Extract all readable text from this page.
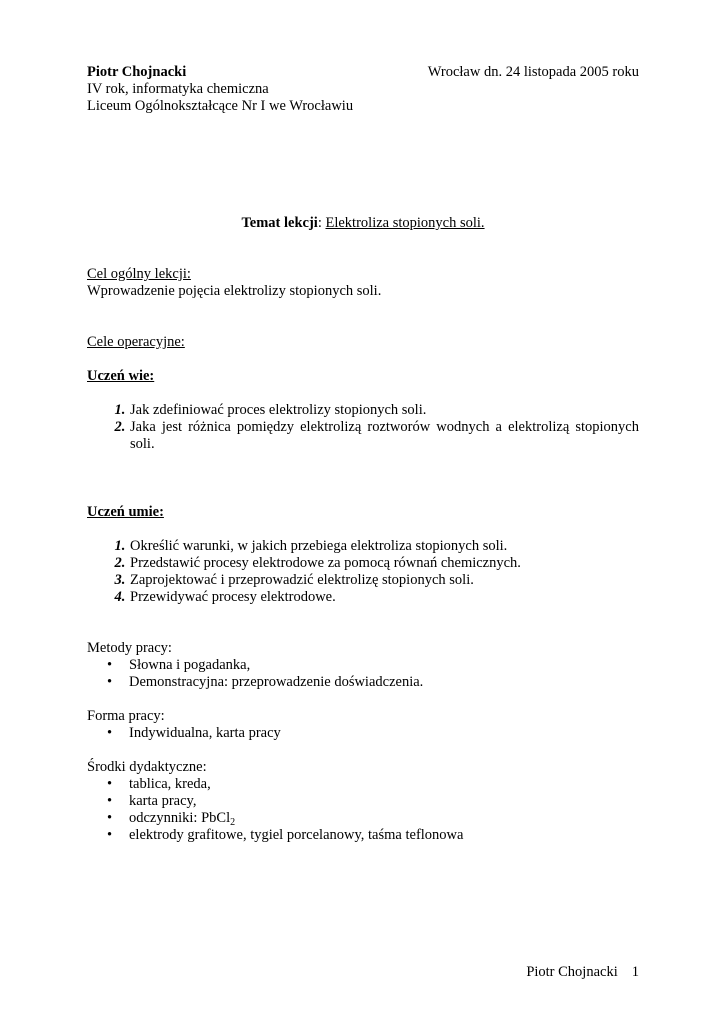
Piotr Chojnacki	Wrocław dn. 24 listopada 2005 roku
IV rok, informatyka chemiczna
Liceum Ogólnokształcące Nr I we Wrocławiu
Temat lekcji: Elektroliza stopionych soli.
Cel ogólny lekcji:
Wprowadzenie pojęcia elektrolizy stopionych soli.
Cele operacyjne:
Uczeń wie:
1. Jak zdefiniować proces elektrolizy stopionych soli.
2. Jaka jest różnica pomiędzy elektrolizą roztworów wodnych a elektrolizą stopionych soli.
Uczeń umie:
1. Określić warunki, w jakich przebiega elektroliza stopionych soli.
2. Przedstawić procesy elektrodowe za pomocą równań chemicznych.
3. Zaprojektować i przeprowadzić elektrolizę stopionych soli.
4. Przewidywać procesy elektrodowe.
Metody pracy:
• Słowna i pogadanka,
• Demonstracyjna: przeprowadzenie doświadczenia.
Forma pracy:
• Indywidualna, karta pracy
Środki dydaktyczne:
• tablica, kreda,
• karta pracy,
• odczynniki: PbCl$_2$
• elektrody grafitowe, tygiel porcelanowy, taśma teflonowa
Piotr Chojnacki 1
